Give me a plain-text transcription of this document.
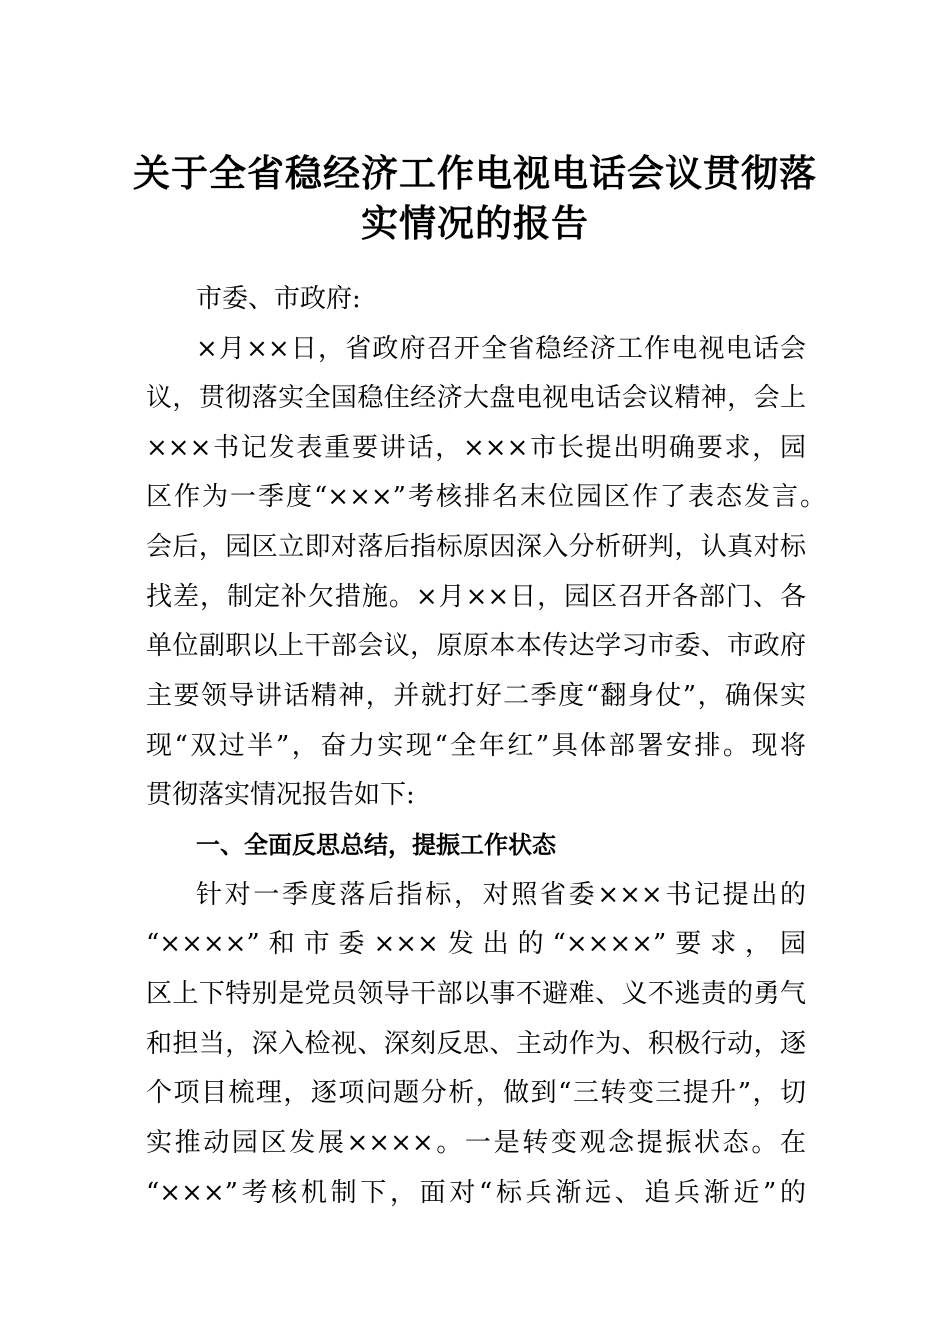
关于全省稳经济工作电视电话会议贯彻落
实情况的报告
市委、市政府:
×月××日，省政府召开全省稳经济工作电视电话会
议，贯彻落实全国稳住经济大盘电视电话会议精神，会上
×××书记发表重要讲话，×××市长提出明确要求，园
区作为一季度“×××”考核排名末位园区作了表态发言。
会后，园区立即对落后指标原因深入分析研判，认真对标
找差，制定补欠措施。×月××日，园区召开各部门、各
单位副职以上干部会议，原原本本传达学习市委、市政府
主要领导讲话精神，并就打好二季度“翻身仗”，确保实
现“双过半”，奋力实现“全年红”具体部署安排。现将
贯彻落实情况报告如下:
一、全面反思总结，提振工作状态
针对一季度落后指标，对照省委×××书记提出的
“××××”和市委×××发出的“××××”要求，园
区上下特别是党员领导干部以事不避难、义不逃责的勇气
和担当，深入检视、深刻反思、主动作为、积极行动，逐
个项目梳理，逐项问题分析，做到“三转变三提升”，切
实推动园区发展××××。一是转变观念提振状态。在
“×××”考核机制下，面对“标兵渐远、追兵渐近”的
